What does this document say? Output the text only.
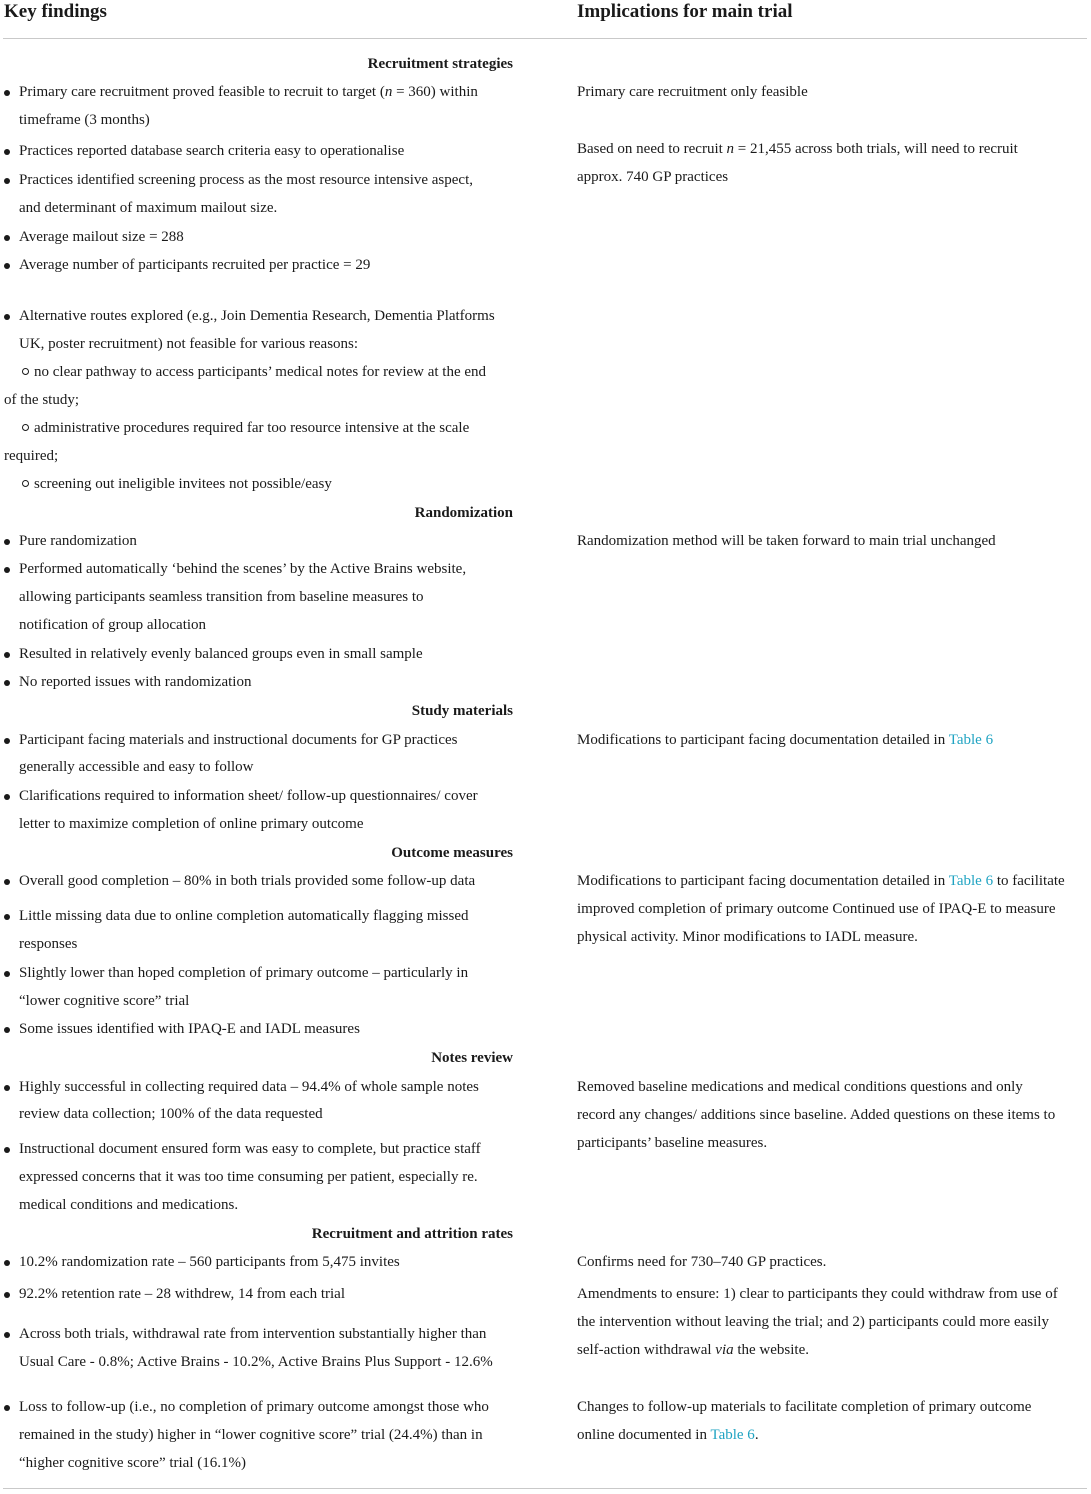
Key findings	Implications for main trial
Recruitment strategies
Primary care recruitment proved feasible to recruit to target (n = 360) within
timeframe (3 months)
Practices reported database search criteria easy to operationalise
Practices identified screening process as the most resource intensive aspect,
and determinant of maximum mailout size.
Average mailout size = 288
Average number of participants recruited per practice = 29
Alternative routes explored (e.g., Join Dementia Research, Dementia Platforms
UK, poster recruitment) not feasible for various reasons:
no clear pathway to access participants’ medical notes for review at the end
of the study;
administrative procedures required far too resource intensive at the scale
required;
screening out ineligible invitees not possible/easy
Primary care recruitment only feasible
Based on need to recruit n = 21,455 across both trials, will need to recruit
approx. 740 GP practices
Randomization
Pure randomization
Performed automatically ‘behind the scenes’ by the Active Brains website,
allowing participants seamless transition from baseline measures to
notification of group allocation
Resulted in relatively evenly balanced groups even in small sample
No reported issues with randomization
Randomization method will be taken forward to main trial unchanged
Study materials
Participant facing materials and instructional documents for GP practices
generally accessible and easy to follow
Clarifications required to information sheet/ follow-up questionnaires/ cover
letter to maximize completion of online primary outcome
Modifications to participant facing documentation detailed in Table 6
Outcome measures
Overall good completion – 80% in both trials provided some follow-up data
Little missing data due to online completion automatically flagging missed
responses
Slightly lower than hoped completion of primary outcome – particularly in
“lower cognitive score” trial
Some issues identified with IPAQ-E and IADL measures
Modifications to participant facing documentation detailed in Table 6 to facilitate
improved completion of primary outcome Continued use of IPAQ-E to measure
physical activity. Minor modifications to IADL measure.
Notes review
Highly successful in collecting required data – 94.4% of whole sample notes
review data collection; 100% of the data requested
Instructional document ensured form was easy to complete, but practice staff
expressed concerns that it was too time consuming per patient, especially re.
medical conditions and medications.
Removed baseline medications and medical conditions questions and only
record any changes/ additions since baseline. Added questions on these items to
participants’ baseline measures.
Recruitment and attrition rates
10.2% randomization rate – 560 participants from 5,475 invites
92.2% retention rate – 28 withdrew, 14 from each trial
Across both trials, withdrawal rate from intervention substantially higher than
Usual Care - 0.8%; Active Brains - 10.2%, Active Brains Plus Support - 12.6%
Loss to follow-up (i.e., no completion of primary outcome amongst those who
remained in the study) higher in “lower cognitive score” trial (24.4%) than in
“higher cognitive score” trial (16.1%)
Confirms need for 730–740 GP practices.
Amendments to ensure: 1) clear to participants they could withdraw from use of
the intervention without leaving the trial; and 2) participants could more easily
self-action withdrawal via the website.
Changes to follow-up materials to facilitate completion of primary outcome
online documented in Table 6.
